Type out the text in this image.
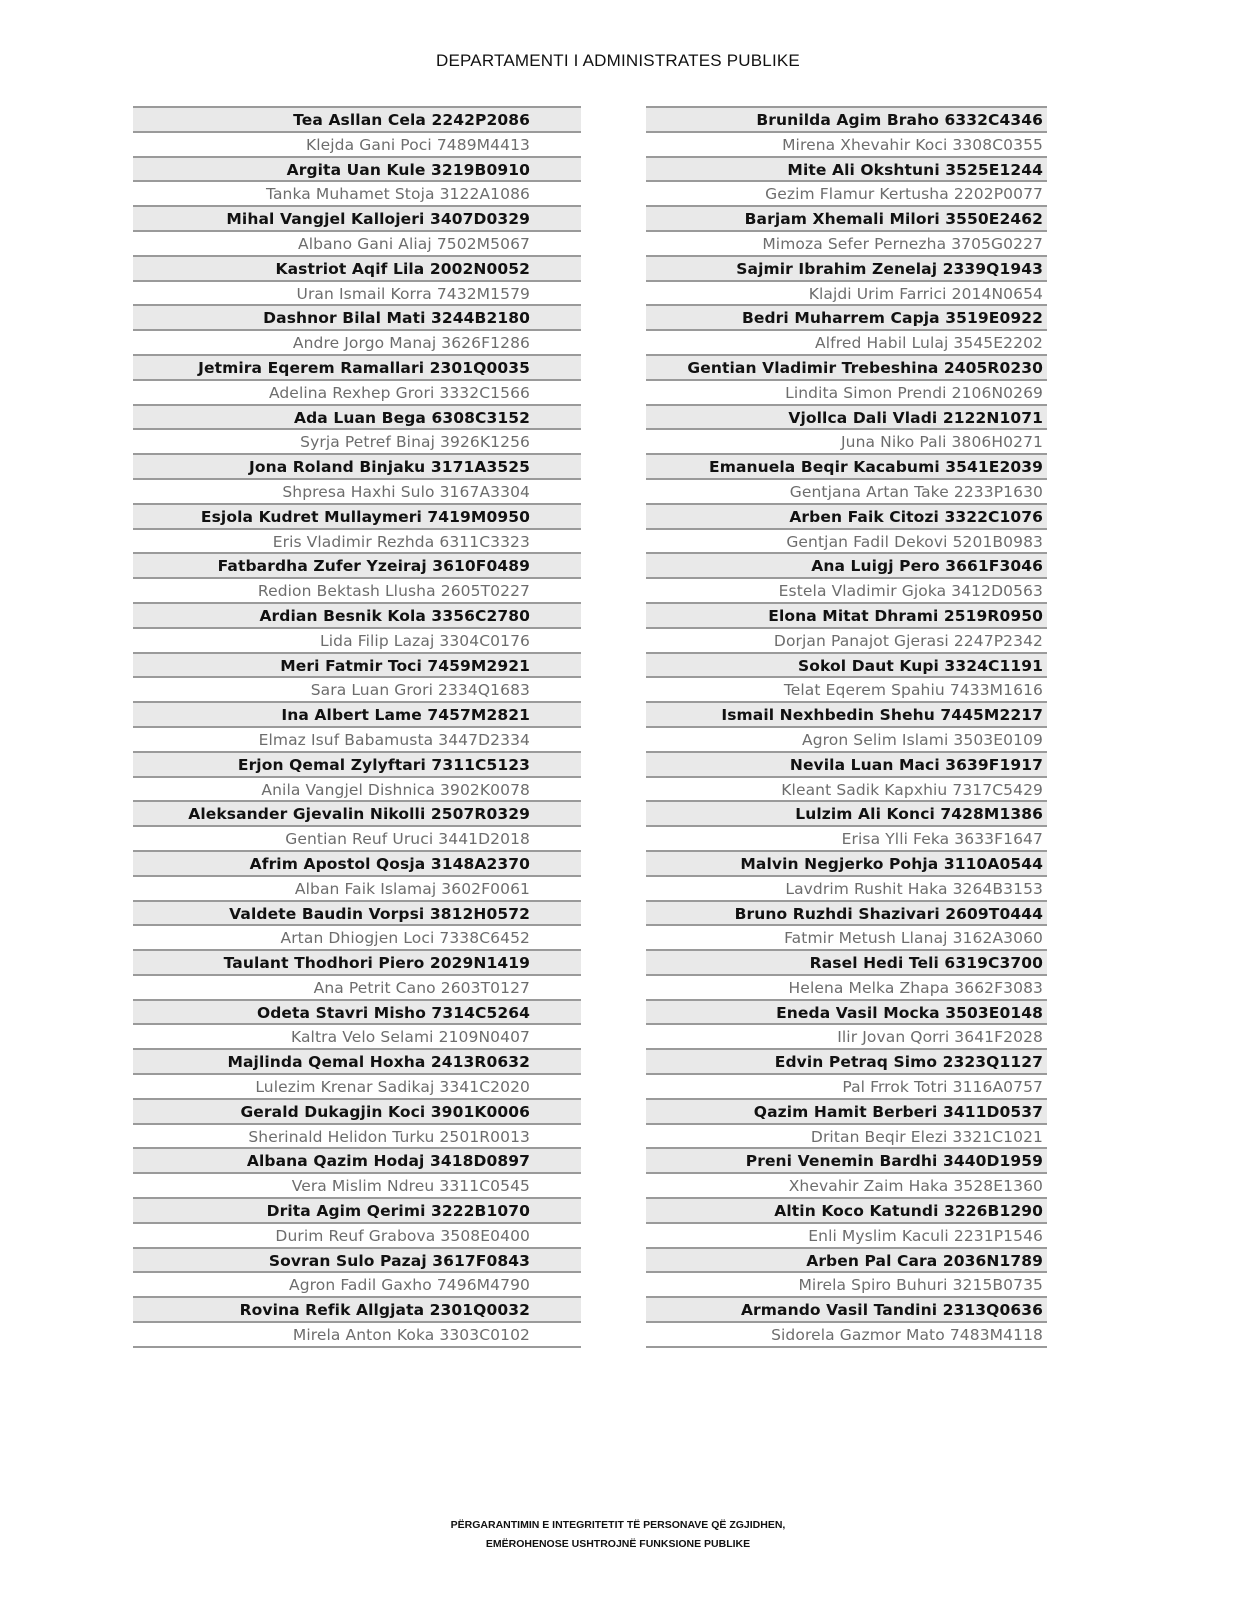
DEPARTAMENTI I ADMINISTRATES PUBLIKE
Tea Asllan Cela 2242P2086
Klejda Gani Poci 7489M4413
Argita Uan Kule 3219B0910
Tanka Muhamet Stoja 3122A1086
Mihal Vangjel Kallojeri 3407D0329
Albano Gani Aliaj 7502M5067
Kastriot Aqif Lila 2002N0052
Uran Ismail Korra 7432M1579
Dashnor Bilal Mati 3244B2180
Andre Jorgo Manaj 3626F1286
Jetmira Eqerem Ramallari 2301Q0035
Adelina Rexhep Grori 3332C1566
Ada Luan Bega 6308C3152
Syrja Petref Binaj 3926K1256
Jona Roland Binjaku 3171A3525
Shpresa Haxhi Sulo 3167A3304
Esjola Kudret Mullaymeri 7419M0950
Eris Vladimir Rezhda 6311C3323
Fatbardha Zufer Yzeiraj 3610F0489
Redion Bektash Llusha 2605T0227
Ardian Besnik Kola 3356C2780
Lida Filip Lazaj 3304C0176
Meri Fatmir Toci 7459M2921
Sara Luan Grori 2334Q1683
Ina Albert Lame 7457M2821
Elmaz Isuf Babamusta 3447D2334
Erjon Qemal Zylyftari 7311C5123
Anila Vangjel Dishnica 3902K0078
Aleksander Gjevalin Nikolli 2507R0329
Gentian Reuf Uruci 3441D2018
Afrim Apostol Qosja 3148A2370
Alban Faik Islamaj 3602F0061
Valdete Baudin Vorpsi 3812H0572
Artan Dhiogjen Loci 7338C6452
Taulant Thodhori Piero 2029N1419
Ana Petrit Cano 2603T0127
Odeta Stavri Misho 7314C5264
Kaltra Velo Selami 2109N0407
Majlinda Qemal Hoxha 2413R0632
Lulezim Krenar Sadikaj 3341C2020
Gerald Dukagjin Koci 3901K0006
Sherinald Helidon Turku 2501R0013
Albana Qazim Hodaj 3418D0897
Vera Mislim Ndreu 3311C0545
Drita Agim Qerimi 3222B1070
Durim Reuf Grabova 3508E0400
Sovran Sulo Pazaj 3617F0843
Agron Fadil Gaxho 7496M4790
Rovina Refik Allgjata 2301Q0032
Mirela Anton Koka 3303C0102
Brunilda Agim Braho 6332C4346
Mirena Xhevahir Koci 3308C0355
Mite Ali Okshtuni 3525E1244
Gezim Flamur Kertusha 2202P0077
Barjam Xhemali Milori 3550E2462
Mimoza Sefer Pernezha 3705G0227
Sajmir Ibrahim Zenelaj 2339Q1943
Klajdi Urim Farrici 2014N0654
Bedri Muharrem Capja 3519E0922
Alfred Habil Lulaj 3545E2202
Gentian Vladimir Trebeshina 2405R0230
Lindita Simon Prendi 2106N0269
Vjollca Dali Vladi 2122N1071
Juna Niko Pali 3806H0271
Emanuela Beqir Kacabumi 3541E2039
Gentjana Artan Take 2233P1630
Arben Faik Citozi 3322C1076
Gentjan Fadil Dekovi 5201B0983
Ana Luigj Pero 3661F3046
Estela Vladimir Gjoka 3412D0563
Elona Mitat Dhrami 2519R0950
Dorjan Panajot Gjerasi 2247P2342
Sokol Daut Kupi 3324C1191
Telat Eqerem Spahiu 7433M1616
Ismail Nexhbedin Shehu 7445M2217
Agron Selim Islami 3503E0109
Nevila Luan Maci 3639F1917
Kleant Sadik Kapxhiu 7317C5429
Lulzim Ali Konci 7428M1386
Erisa Ylli Feka 3633F1647
Malvin Negjerko Pohja 3110A0544
Lavdrim Rushit Haka 3264B3153
Bruno Ruzhdi Shazivari 2609T0444
Fatmir Metush Llanaj 3162A3060
Rasel Hedi Teli 6319C3700
Helena Melka Zhapa 3662F3083
Eneda Vasil Mocka 3503E0148
Ilir Jovan Qorri 3641F2028
Edvin Petraq Simo 2323Q1127
Pal Frrok Totri 3116A0757
Qazim Hamit Berberi 3411D0537
Dritan Beqir Elezi 3321C1021
Preni Venemin Bardhi 3440D1959
Xhevahir Zaim Haka 3528E1360
Altin Koco Katundi 3226B1290
Enli Myslim Kaculi 2231P1546
Arben Pal Cara 2036N1789
Mirela Spiro Buhuri 3215B0735
Armando Vasil Tandini 2313Q0636
Sidorela Gazmor Mato 7483M4118
PËRGARANTIMIN E INTEGRITETIT TË PERSONAVE QË ZGJIDHEN,
EMËROHENOSE USHTROJNË FUNKSIONE PUBLIKE
